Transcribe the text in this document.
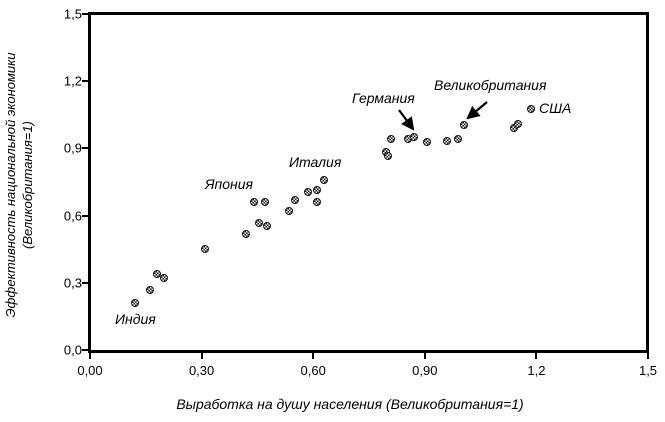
Эффективность национальной экономики (Великобритания=1)
Выработка на душу населения (Великобритания=1)
0,00
0,0
0,30
0,3
0,60
0,6
0,90
0,9
1,2
1,2
1,5
1,5
Индия
Япония
Италия
Германия
Великобритания
США
